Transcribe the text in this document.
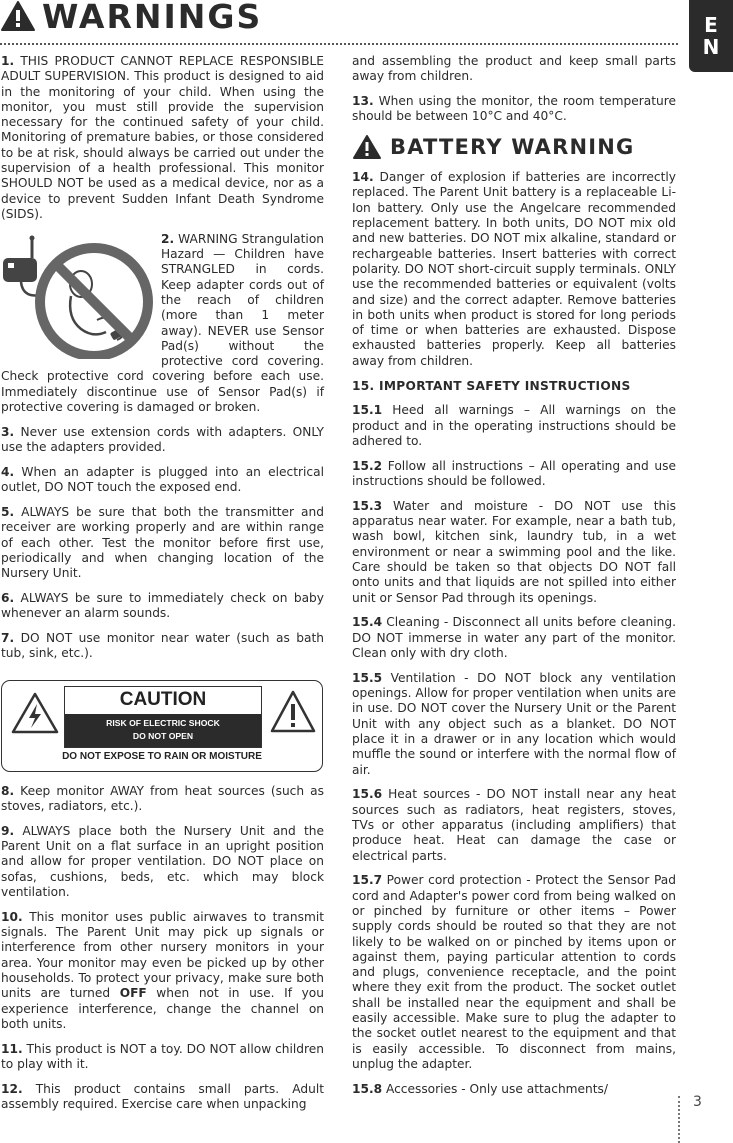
WARNINGS	E
N

1. THIS PRODUCT CANNOT REPLACE RESPONSIBLE ADULT SUPERVISION. This product is designed to aid in the monitoring of your child. When using the monitor, you must still provide the supervision necessary for the continued safety of your child. Monitoring of premature babies, or those considered to be at risk, should always be carried out under the supervision of a health professional. This monitor SHOULD NOT be used as a medical device, nor as a device to prevent Sudden Infant Death Syndrome (SIDS).

2. WARNING Strangulation Hazard — Children have STRANGLED in cords. Keep adapter cords out of the reach of children (more than 1 meter away). NEVER use Sensor Pad(s) without the protective cord covering. Check protective cord covering before each use. Immediately discontinue use of Sensor Pad(s) if protective covering is damaged or broken.

3. Never use extension cords with adapters. ONLY use the adapters provided.

4. When an adapter is plugged into an electrical outlet, DO NOT touch the exposed end.

5. ALWAYS be sure that both the transmitter and receiver are working properly and are within range of each other. Test the monitor before first use, periodically and when changing location of the Nursery Unit.

6. ALWAYS be sure to immediately check on baby whenever an alarm sounds.

7. DO NOT use monitor near water (such as bath tub, sink, etc.).

CAUTION
RISK OF ELECTRIC SHOCK
DO NOT OPEN
DO NOT EXPOSE TO RAIN OR MOISTURE

8. Keep monitor AWAY from heat sources (such as stoves, radiators, etc.).

9. ALWAYS place both the Nursery Unit and the Parent Unit on a flat surface in an upright position and allow for proper ventilation. DO NOT place on sofas, cushions, beds, etc. which may block ventilation.

10. This monitor uses public airwaves to transmit signals. The Parent Unit may pick up signals or interference from other nursery monitors in your area. Your monitor may even be picked up by other households. To protect your privacy, make sure both units are turned OFF when not in use. If you experience interference, change the channel on both units.

11. This product is NOT a toy. DO NOT allow children to play with it.

12. This product contains small parts. Adult assembly required. Exercise care when unpacking

and assembling the product and keep small parts away from children.

13. When using the monitor, the room temperature should be between 10°C and 40°C.

BATTERY WARNING

14. Danger of explosion if batteries are incorrectly replaced. The Parent Unit battery is a replaceable Li-Ion battery. Only use the Angelcare recommended replacement battery. In both units, DO NOT mix old and new batteries. DO NOT mix alkaline, standard or rechargeable batteries. Insert batteries with correct polarity. DO NOT short-circuit supply terminals. ONLY use the recommended batteries or equivalent (volts and size) and the correct adapter. Remove batteries in both units when product is stored for long periods of time or when batteries are exhausted. Dispose exhausted batteries properly. Keep all batteries away from children.

15. IMPORTANT SAFETY INSTRUCTIONS

15.1 Heed all warnings – All warnings on the product and in the operating instructions should be adhered to.

15.2 Follow all instructions – All operating and use instructions should be followed.

15.3 Water and moisture - DO NOT use this apparatus near water. For example, near a bath tub, wash bowl, kitchen sink, laundry tub, in a wet environment or near a swimming pool and the like. Care should be taken so that objects DO NOT fall onto units and that liquids are not spilled into either unit or Sensor Pad through its openings.

15.4 Cleaning - Disconnect all units before cleaning. DO NOT immerse in water any part of the monitor. Clean only with dry cloth.

15.5 Ventilation - DO NOT block any ventilation openings. Allow for proper ventilation when units are in use. DO NOT cover the Nursery Unit or the Parent Unit with any object such as a blanket. DO NOT place it in a drawer or in any location which would muffle the sound or interfere with the normal flow of air.

15.6 Heat sources - DO NOT install near any heat sources such as radiators, heat registers, stoves, TVs or other apparatus (including amplifiers) that produce heat. Heat can damage the case or electrical parts.

15.7 Power cord protection - Protect the Sensor Pad cord and Adapter's power cord from being walked on or pinched by furniture or other items – Power supply cords should be routed so that they are not likely to be walked on or pinched by items upon or against them, paying particular attention to cords and plugs, convenience receptacle, and the point where they exit from the product. The socket outlet shall be installed near the equipment and shall be easily accessible. Make sure to plug the adapter to the socket outlet nearest to the equipment and that is easily accessible. To disconnect from mains, unplug the adapter.

15.8 Accessories - Only use attachments/

3
